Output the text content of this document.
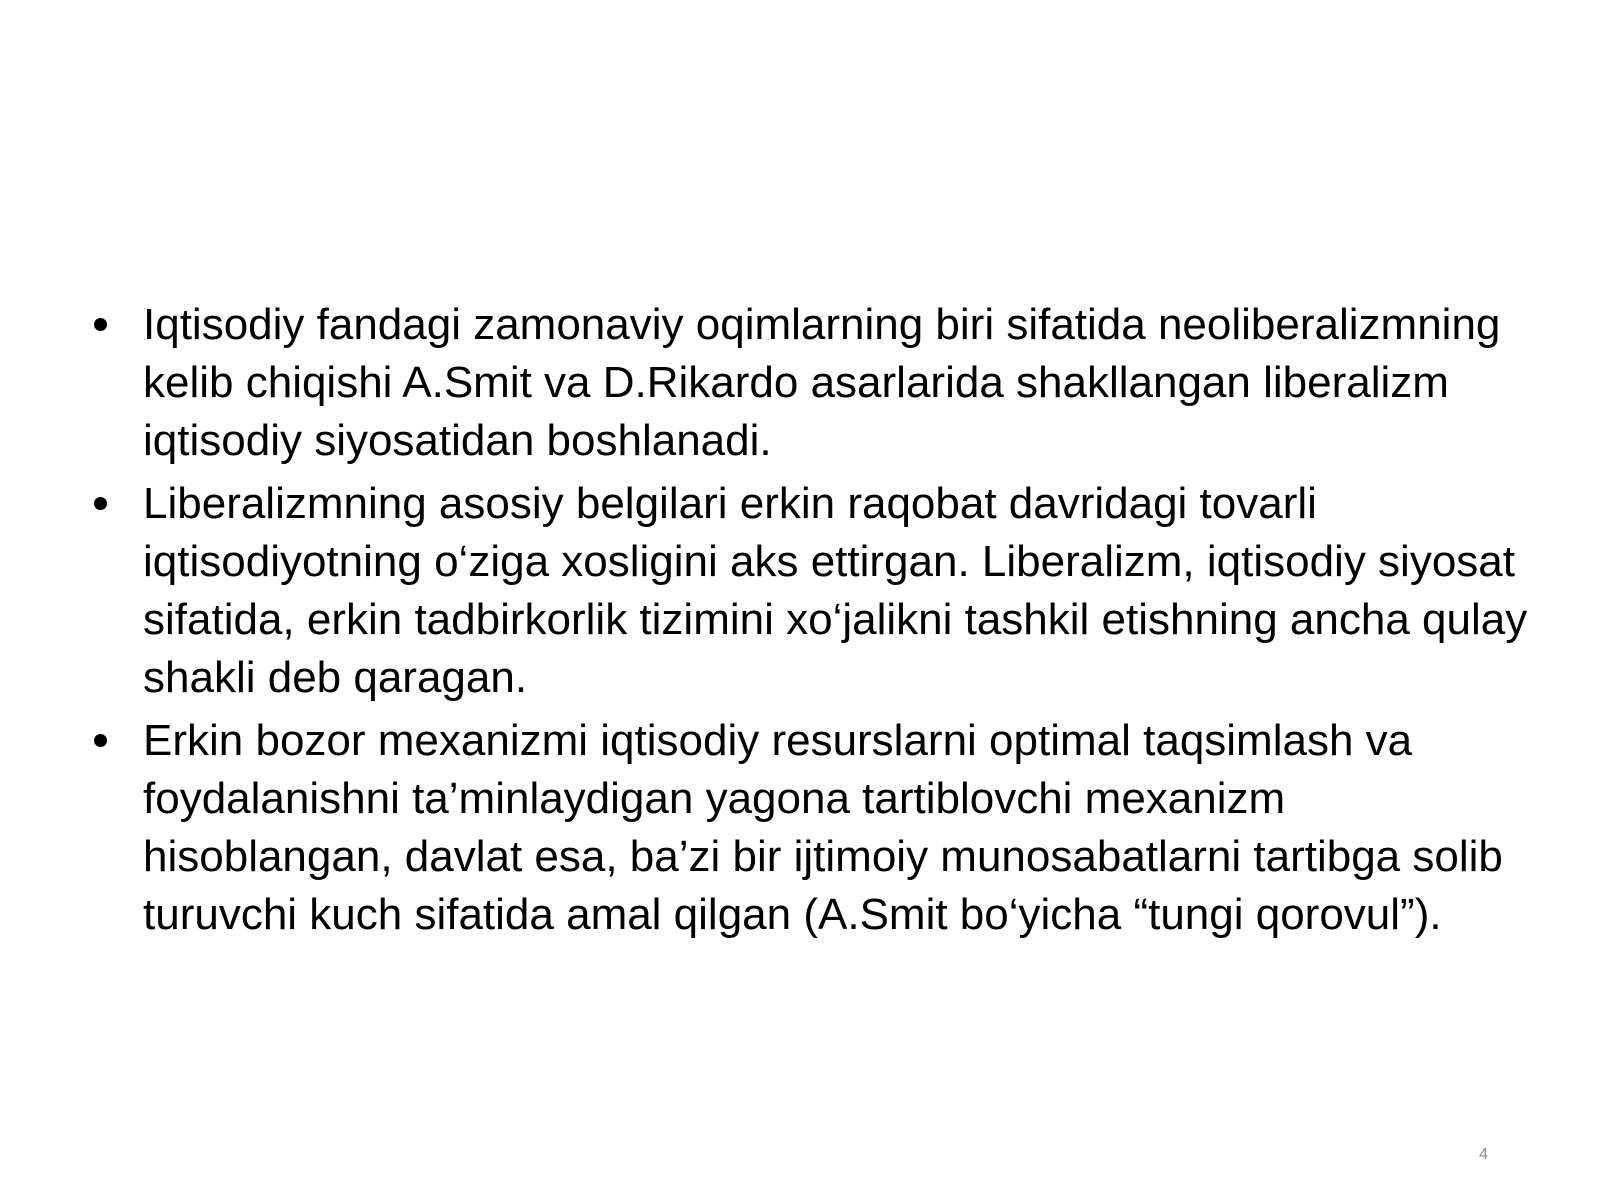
Iqtisodiy fandagi zamonaviy oqimlarning biri sifatida neoliberalizmning kelib chiqishi A.Smit va D.Rikardo asarlarida shakllangan liberalizm iqtisodiy siyosatidan boshlanadi.
Liberalizmning asosiy belgilari erkin raqobat davridagi tovarli iqtisodiyotning o‘ziga xosligini aks ettirgan. Liberalizm, iqtisodiy siyosat sifatida, erkin tadbirkorlik tizimini xo‘jalikni tashkil etishning ancha qulay shakli deb qaragan.
Erkin bozor mexanizmi iqtisodiy resurslarni optimal taqsimlash va foydalanishni ta’minlaydigan yagona tartiblovchi mexanizm hisoblangan, davlat esa, ba’zi bir ijtimoiy munosabatlarni tartibga solib turuvchi kuch sifatida amal qilgan (A.Smit bo‘yicha “tungi qorovul”).
4
